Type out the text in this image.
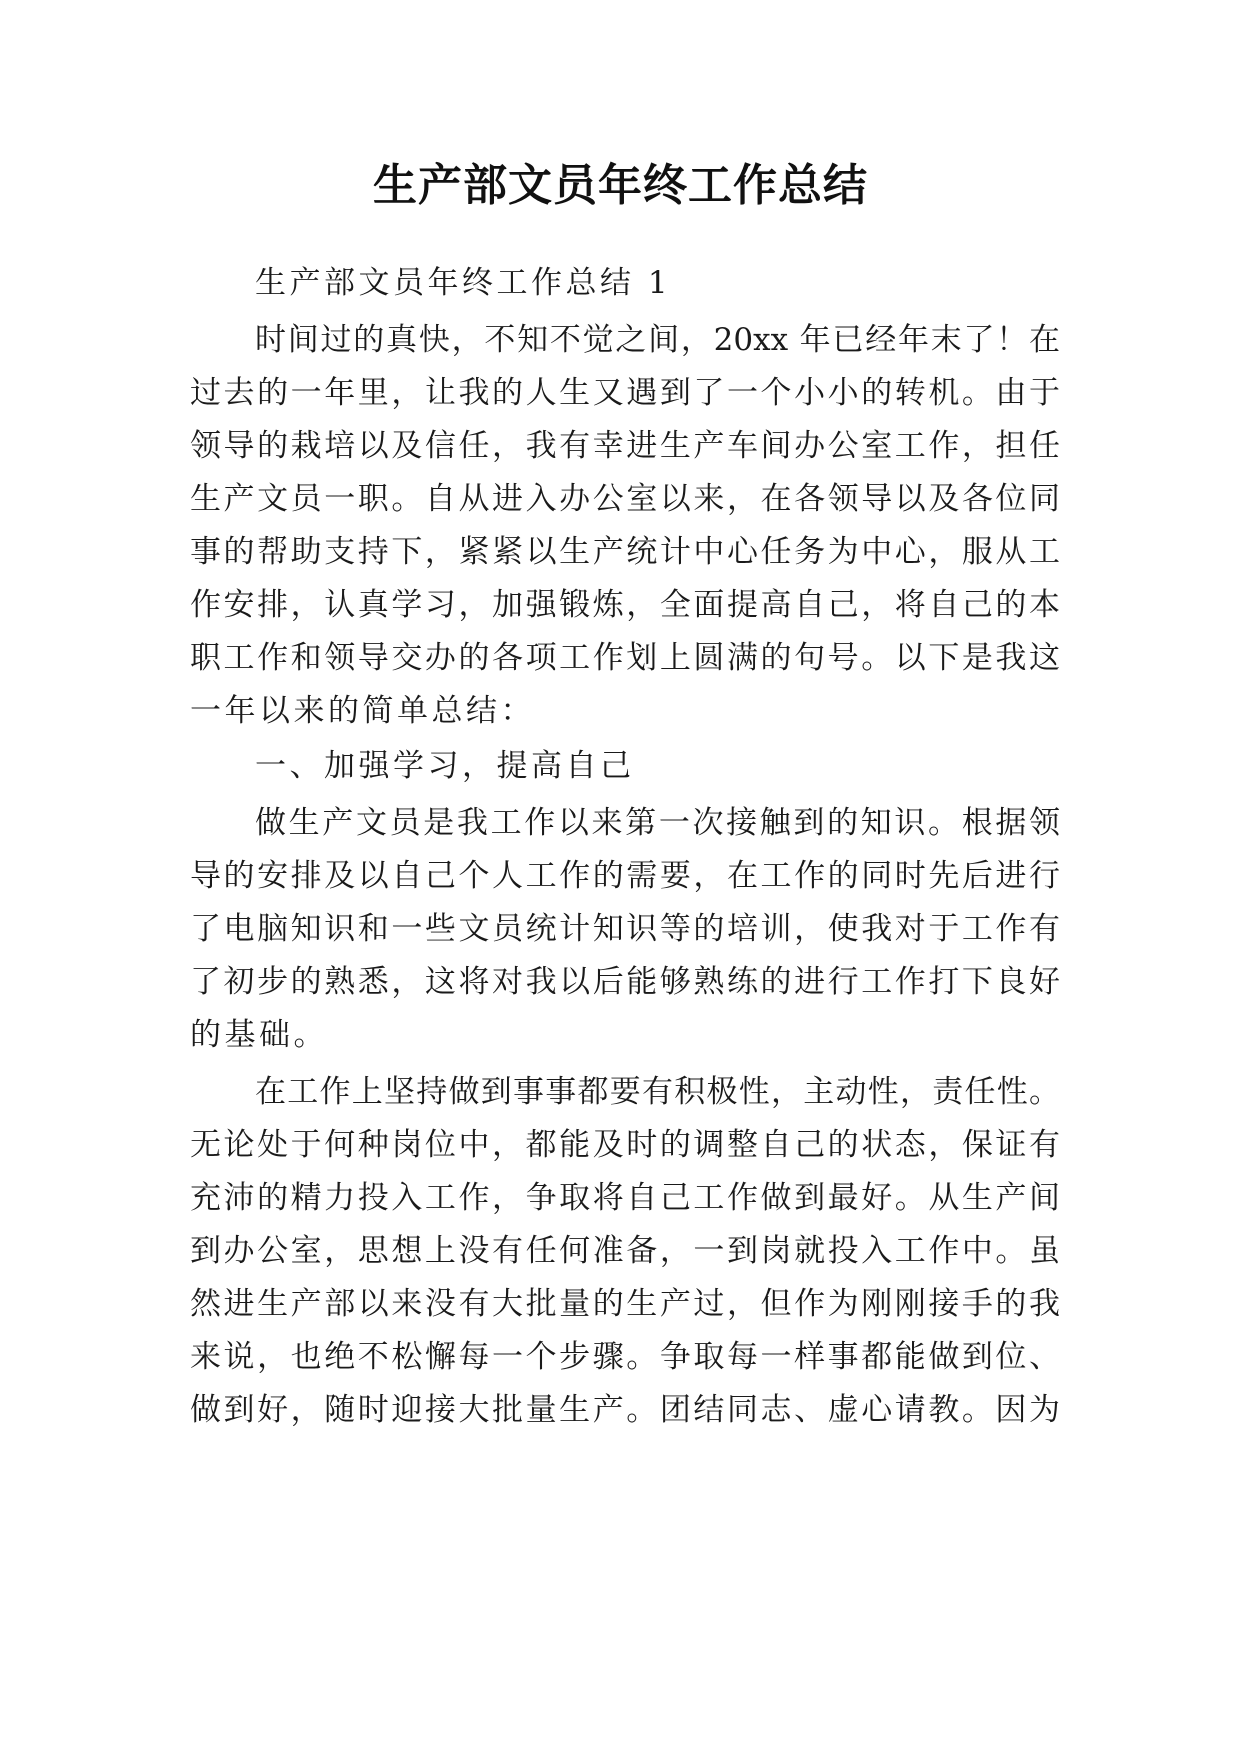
生产部文员年终工作总结
生产部文员年终工作总结 1
时间过的真快，不知不觉之间，20xx 年已经年末了！在
过去的一年里，让我的人生又遇到了一个小小的转机。由于
领导的栽培以及信任，我有幸进生产车间办公室工作，担任
生产文员一职。自从进入办公室以来，在各领导以及各位同
事的帮助支持下，紧紧以生产统计中心任务为中心，服从工
作安排，认真学习，加强锻炼，全面提高自己，将自己的本
职工作和领导交办的各项工作划上圆满的句号。以下是我这
一年以来的简单总结：
一、加强学习，提高自己
做生产文员是我工作以来第一次接触到的知识。根据领
导的安排及以自己个人工作的需要，在工作的同时先后进行
了电脑知识和一些文员统计知识等的培训，使我对于工作有
了初步的熟悉，这将对我以后能够熟练的进行工作打下良好
的基础。
在工作上坚持做到事事都要有积极性，主动性，责任性。
无论处于何种岗位中，都能及时的调整自己的状态，保证有
充沛的精力投入工作，争取将自己工作做到最好。从生产间
到办公室，思想上没有任何准备，一到岗就投入工作中。虽
然进生产部以来没有大批量的生产过，但作为刚刚接手的我
来说，也绝不松懈每一个步骤。争取每一样事都能做到位、
做到好，随时迎接大批量生产。团结同志、虚心请教。因为
